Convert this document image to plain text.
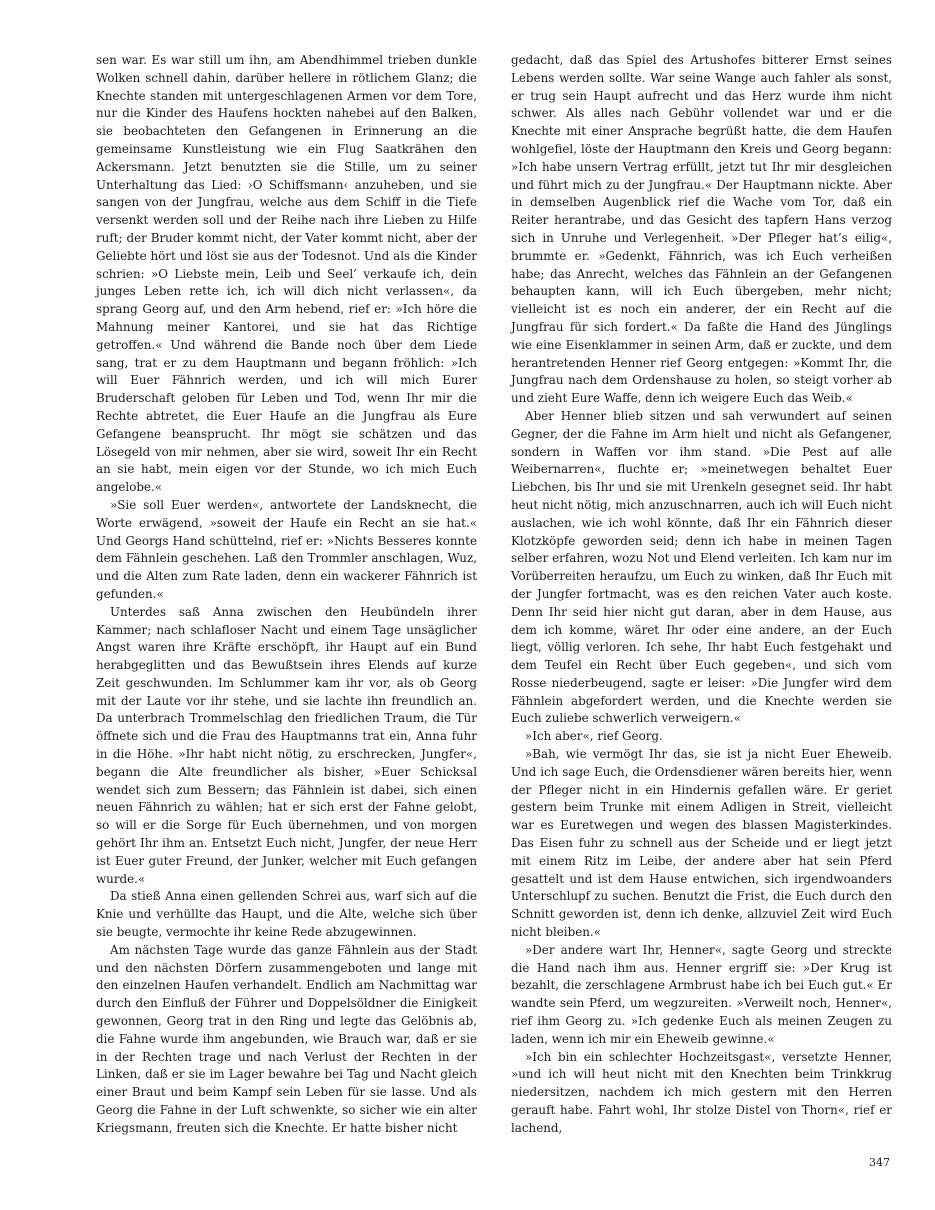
sen war. Es war still um ihn, am Abendhimmel trieben dunkle Wolken schnell dahin, darüber hellere in rötlichem Glanz; die Knechte standen mit untergeschlagenen Armen vor dem Tore, nur die Kinder des Haufens hockten nahebei auf den Balken, sie beobachteten den Gefangenen in Erinnerung an die gemeinsame Kunstleistung wie ein Flug Saatkrähen den Ackersmann. Jetzt benutzten sie die Stille, um zu seiner Unterhaltung das Lied: ›O Schiffsmann‹ anzuheben, und sie sangen von der Jungfrau, welche aus dem Schiff in die Tiefe versenkt werden soll und der Reihe nach ihre Lieben zu Hilfe ruft; der Bruder kommt nicht, der Vater kommt nicht, aber der Geliebte hört und löst sie aus der Todesnot. Und als die Kinder schrien: »O Liebste mein, Leib und Seel’ verkaufe ich, dein junges Leben rette ich, ich will dich nicht verlassen«, da sprang Georg auf, und den Arm hebend, rief er: »Ich höre die Mahnung meiner Kantorei, und sie hat das Richtige getroffen.« Und während die Bande noch über dem Liede sang, trat er zu dem Hauptmann und begann fröhlich: »Ich will Euer Fähnrich werden, und ich will mich Eurer Bruderschaft geloben für Leben und Tod, wenn Ihr mir die Rechte abtretet, die Euer Haufe an die Jungfrau als Eure Gefangene beansprucht. Ihr mögt sie schätzen und das Lösegeld von mir nehmen, aber sie wird, soweit Ihr ein Recht an sie habt, mein eigen vor der Stunde, wo ich mich Euch angelobe.«

»Sie soll Euer werden«, antwortete der Landsknecht, die Worte erwägend, »soweit der Haufe ein Recht an sie hat.« Und Georgs Hand schüttelnd, rief er: »Nichts Besseres konnte dem Fähnlein geschehen. Laß den Trommler anschlagen, Wuz, und die Alten zum Rate laden, denn ein wackerer Fähnrich ist gefunden.«

Unterdes saß Anna zwischen den Heubündeln ihrer Kammer; nach schlafloser Nacht und einem Tage unsäglicher Angst waren ihre Kräfte erschöpft, ihr Haupt auf ein Bund herabgeglitten und das Bewußtsein ihres Elends auf kurze Zeit geschwunden. Im Schlummer kam ihr vor, als ob Georg mit der Laute vor ihr stehe, und sie lachte ihn freundlich an. Da unterbrach Trommelschlag den friedlichen Traum, die Tür öffnete sich und die Frau des Hauptmanns trat ein, Anna fuhr in die Höhe. »Ihr habt nicht nötig, zu erschrecken, Jungfer«, begann die Alte freundlicher als bisher, »Euer Schicksal wendet sich zum Bessern; das Fähnlein ist dabei, sich einen neuen Fähnrich zu wählen; hat er sich erst der Fahne gelobt, so will er die Sorge für Euch übernehmen, und von morgen gehört Ihr ihm an. Entsetzt Euch nicht, Jungfer, der neue Herr ist Euer guter Freund, der Junker, welcher mit Euch gefangen wurde.«

Da stieß Anna einen gellenden Schrei aus, warf sich auf die Knie und verhüllte das Haupt, und die Alte, welche sich über sie beugte, vermochte ihr keine Rede abzugewinnen.

Am nächsten Tage wurde das ganze Fähnlein aus der Stadt und den nächsten Dörfern zusammengeboten und lange mit den einzelnen Haufen verhandelt. Endlich am Nachmittag war durch den Einfluß der Führer und Doppelsöldner die Einigkeit gewonnen, Georg trat in den Ring und legte das Gelöbnis ab, die Fahne wurde ihm angebunden, wie Brauch war, daß er sie in der Rechten trage und nach Verlust der Rechten in der Linken, daß er sie im Lager bewahre bei Tag und Nacht gleich einer Braut und beim Kampf sein Leben für sie lasse. Und als Georg die Fahne in der Luft schwenkte, so sicher wie ein alter Kriegsmann, freuten sich die Knechte. Er hatte bisher nicht

gedacht, daß das Spiel des Artushofes bitterer Ernst seines Lebens werden sollte. War seine Wange auch fahler als sonst, er trug sein Haupt aufrecht und das Herz wurde ihm nicht schwer. Als alles nach Gebühr vollendet war und er die Knechte mit einer Ansprache begrüßt hatte, die dem Haufen wohlgefiel, löste der Hauptmann den Kreis und Georg begann: »Ich habe unsern Vertrag erfüllt, jetzt tut Ihr mir desgleichen und führt mich zu der Jungfrau.« Der Hauptmann nickte. Aber in demselben Augenblick rief die Wache vom Tor, daß ein Reiter herantrabe, und das Gesicht des tapfern Hans verzog sich in Unruhe und Verlegenheit. »Der Pfleger hat’s eilig«, brummte er. »Gedenkt, Fähnrich, was ich Euch verheißen habe; das Anrecht, welches das Fähnlein an der Gefangenen behaupten kann, will ich Euch übergeben, mehr nicht; vielleicht ist es noch ein anderer, der ein Recht auf die Jungfrau für sich fordert.« Da faßte die Hand des Jünglings wie eine Eisenklammer in seinen Arm, daß er zuckte, und dem herantretenden Henner rief Georg entgegen: »Kommt Ihr, die Jungfrau nach dem Ordenshause zu holen, so steigt vorher ab und zieht Eure Waffe, denn ich weigere Euch das Weib.«

Aber Henner blieb sitzen und sah verwundert auf seinen Gegner, der die Fahne im Arm hielt und nicht als Gefangener, sondern in Waffen vor ihm stand. »Die Pest auf alle Weibernarren«, fluchte er; »meinetwegen behaltet Euer Liebchen, bis Ihr und sie mit Urenkeln gesegnet seid. Ihr habt heut nicht nötig, mich anzuschnarren, auch ich will Euch nicht auslachen, wie ich wohl könnte, daß Ihr ein Fähnrich dieser Klotzköpfe geworden seid; denn ich habe in meinen Tagen selber erfahren, wozu Not und Elend verleiten. Ich kam nur im Vorüberreiten heraufzu, um Euch zu winken, daß Ihr Euch mit der Jungfer fortmacht, was es den reichen Vater auch koste. Denn Ihr seid hier nicht gut daran, aber in dem Hause, aus dem ich komme, wäret Ihr oder eine andere, an der Euch liegt, völlig verloren. Ich sehe, Ihr habt Euch festgehakt und dem Teufel ein Recht über Euch gegeben«, und sich vom Rosse niederbeugend, sagte er leiser: »Die Jungfer wird dem Fähnlein abgefordert werden, und die Knechte werden sie Euch zuliebe schwerlich verweigern.«

»Ich aber«, rief Georg.

»Bah, wie vermögt Ihr das, sie ist ja nicht Euer Eheweib. Und ich sage Euch, die Ordensdiener wären bereits hier, wenn der Pfleger nicht in ein Hindernis gefallen wäre. Er geriet gestern beim Trunke mit einem Adligen in Streit, vielleicht war es Euretwegen und wegen des blassen Magisterkindes. Das Eisen fuhr zu schnell aus der Scheide und er liegt jetzt mit einem Ritz im Leibe, der andere aber hat sein Pferd gesattelt und ist dem Hause entwichen, sich irgendwoanders Unterschlupf zu suchen. Benutzt die Frist, die Euch durch den Schnitt geworden ist, denn ich denke, allzuviel Zeit wird Euch nicht bleiben.«

»Der andere wart Ihr, Henner«, sagte Georg und streckte die Hand nach ihm aus. Henner ergriff sie: »Der Krug ist bezahlt, die zerschlagene Armbrust habe ich bei Euch gut.« Er wandte sein Pferd, um wegzureiten. »Verweilt noch, Henner«, rief ihm Georg zu. »Ich gedenke Euch als meinen Zeugen zu laden, wenn ich mir ein Eheweib gewinne.«

»Ich bin ein schlechter Hochzeitsgast«, versetzte Henner, »und ich will heut nicht mit den Knechten beim Trinkkrug niedersitzen, nachdem ich mich gestern mit den Herren gerauft habe. Fahrt wohl, Ihr stolze Distel von Thorn«, rief er lachend,

347
